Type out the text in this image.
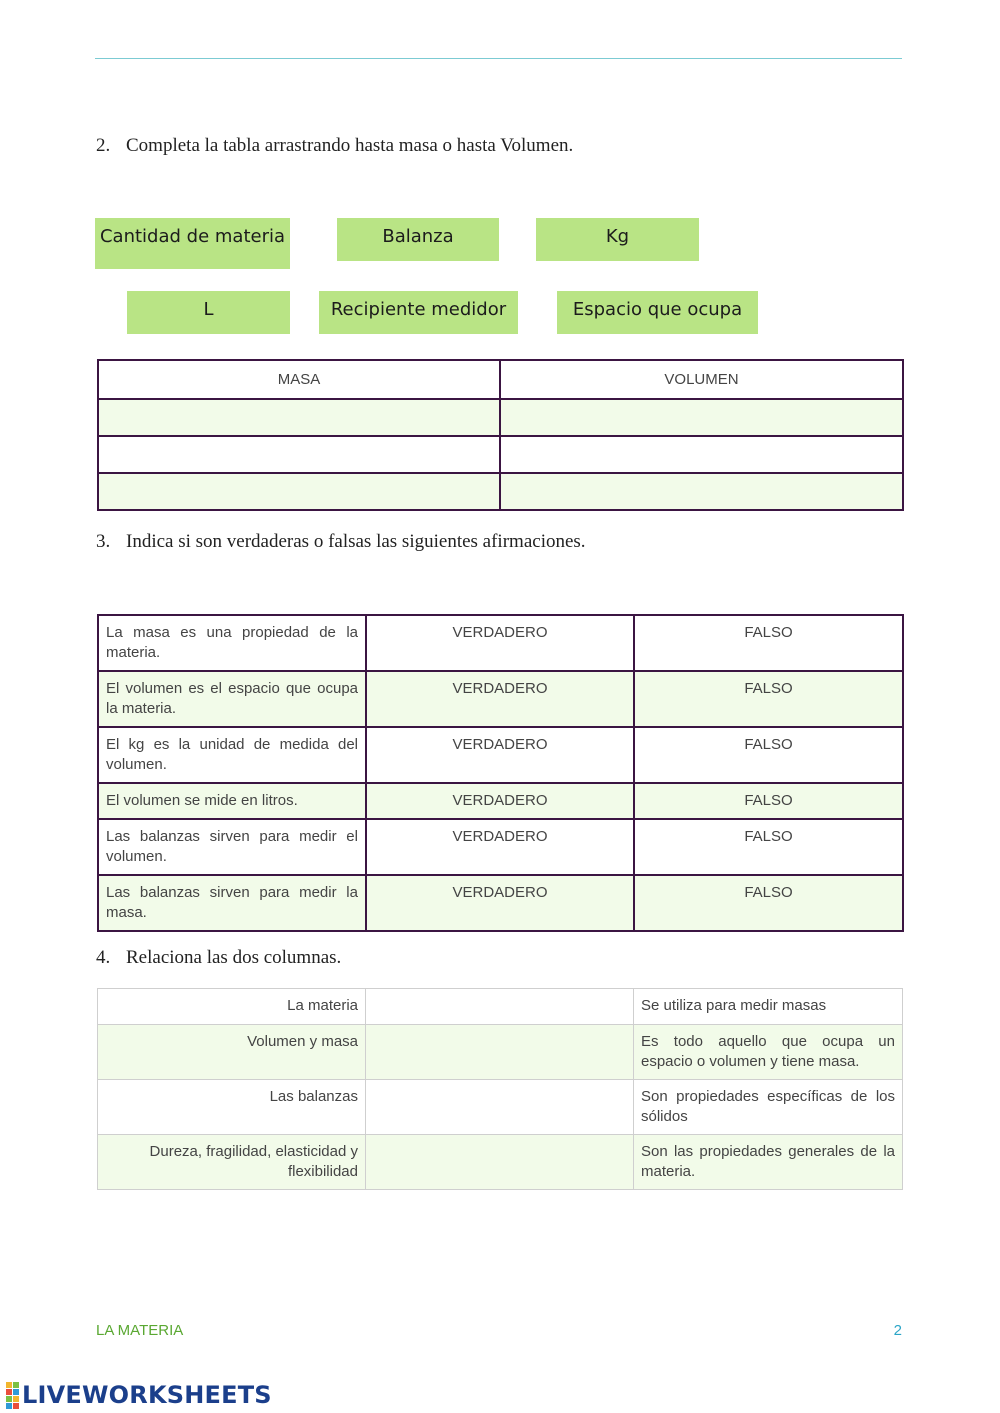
2. Completa la tabla arrastrando hasta masa o hasta Volumen.

Cantidad de materia	Balanza	Kg
L	Recipiente medidor	Espacio que ocupa
MASA	VOLUMEN

3. Indica si son verdaderas o falsas las siguientes afirmaciones.

La masa es una propiedad de la materia.	VERDADERO	FALSO
El volumen es el espacio que ocupa la materia.	VERDADERO	FALSO
El kg es la unidad de medida del volumen.	VERDADERO	FALSO
El volumen se mide en litros.	VERDADERO	FALSO
Las balanzas sirven para medir el volumen.	VERDADERO	FALSO
Las balanzas sirven para medir la masa.	VERDADERO	FALSO

4. Relaciona las dos columnas.

La materia		Se utiliza para medir masas
Volumen y masa		Es todo aquello que ocupa un espacio o volumen y tiene masa.
Las balanzas		Son propiedades específicas de los sólidos
Dureza, fragilidad, elasticidad y flexibilidad		Son las propiedades generales de la materia.
LA MATERIA	2
LIVEWORKSHEETS
